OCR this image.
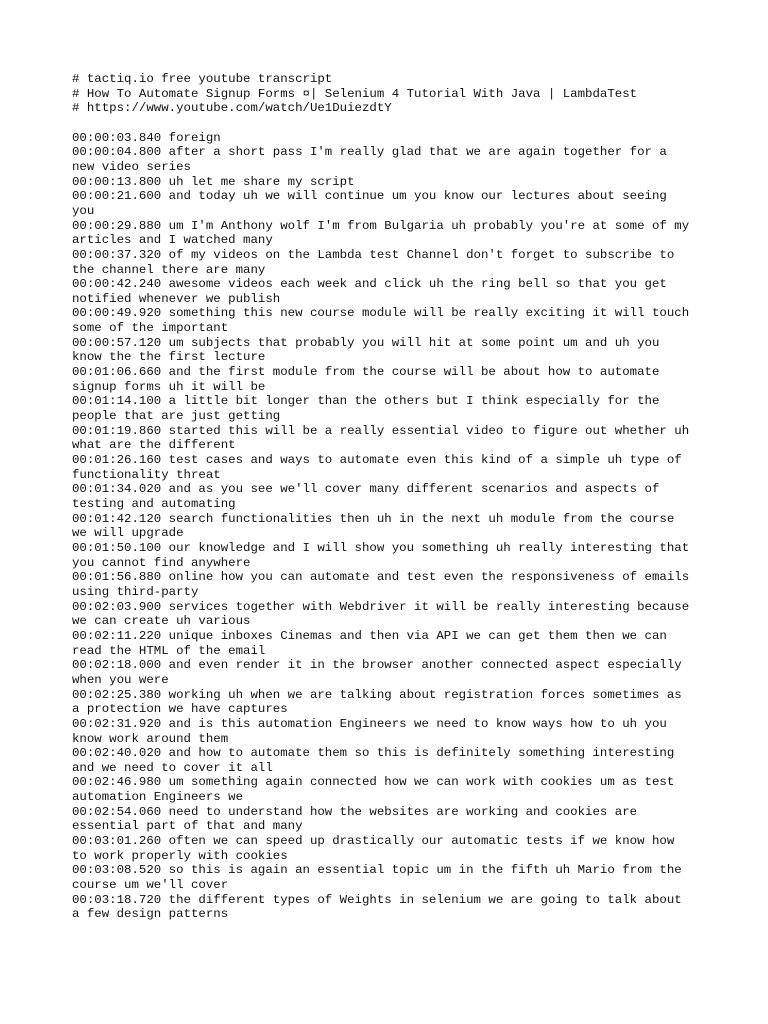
# tactiq.io free youtube transcript
# How To Automate Signup Forms ¤| Selenium 4 Tutorial With Java | LambdaTest
# https://www.youtube.com/watch/Ue1DuiezdtY
00:00:03.840 foreign
00:00:04.800 after a short pass I'm really glad that we are again together for a
new video series
00:00:13.800 uh let me share my script
00:00:21.600 and today uh we will continue um you know our lectures about seeing
you
00:00:29.880 um I'm Anthony wolf I'm from Bulgaria uh probably you're at some of my
articles and I watched many
00:00:37.320 of my videos on the Lambda test Channel don't forget to subscribe to
the channel there are many
00:00:42.240 awesome videos each week and click uh the ring bell so that you get
notified whenever we publish
00:00:49.920 something this new course module will be really exciting it will touch
some of the important
00:00:57.120 um subjects that probably you will hit at some point um and uh you
know the the first lecture
00:01:06.660 and the first module from the course will be about how to automate
signup forms uh it will be
00:01:14.100 a little bit longer than the others but I think especially for the
people that are just getting
00:01:19.860 started this will be a really essential video to figure out whether uh
what are the different
00:01:26.160 test cases and ways to automate even this kind of a simple uh type of
functionality threat
00:01:34.020 and as you see we'll cover many different scenarios and aspects of
testing and automating
00:01:42.120 search functionalities then uh in the next uh module from the course
we will upgrade
00:01:50.100 our knowledge and I will show you something uh really interesting that
you cannot find anywhere
00:01:56.880 online how you can automate and test even the responsiveness of emails
using third-party
00:02:03.900 services together with Webdriver it will be really interesting because
we can create uh various
00:02:11.220 unique inboxes Cinemas and then via API we can get them then we can
read the HTML of the email
00:02:18.000 and even render it in the browser another connected aspect especially
when you were
00:02:25.380 working uh when we are talking about registration forces sometimes as
a protection we have captures
00:02:31.920 and is this automation Engineers we need to know ways how to uh you
know work around them
00:02:40.020 and how to automate them so this is definitely something interesting
and we need to cover it all
00:02:46.980 um something again connected how we can work with cookies um as test
automation Engineers we
00:02:54.060 need to understand how the websites are working and cookies are
essential part of that and many
00:03:01.260 often we can speed up drastically our automatic tests if we know how
to work properly with cookies
00:03:08.520 so this is again an essential topic um in the fifth uh Mario from the
course um we'll cover
00:03:18.720 the different types of Weights in selenium we are going to talk about
a few design patterns
